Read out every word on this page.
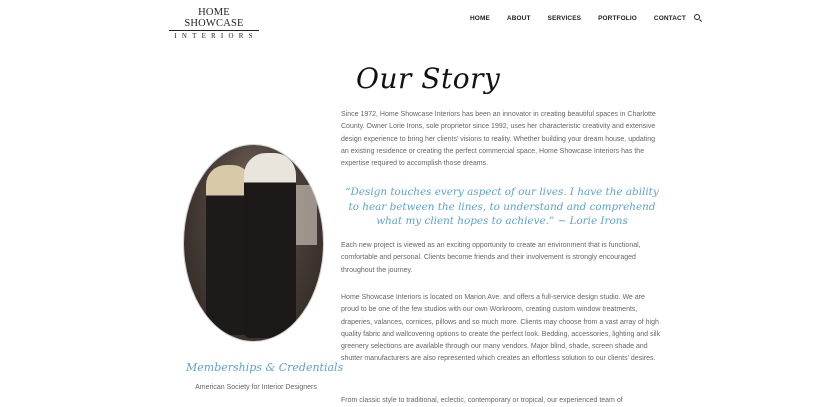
HOME SHOWCASE
INTERIORS
HOME	ABOUT	SERVICES	PORTFOLIO	CONTACT
Our Story
Memberships & Credentials
American Society for Interior Designers

Since 1972, Home Showcase Interiors has been an innovator in creating beautiful spaces in Charlotte County. Owner Lorie Irons, sole proprietor since 1992, uses her characteristic creativity and extensive design experience to bring her clients' visions to reality. Whether building your dream house, updating an existing residence or creating the perfect commercial space, Home Showcase Interiors has the expertise required to accomplish those dreams.

“Design touches every aspect of our lives. I have the ability to hear between the lines, to understand and comprehend what my client hopes to achieve.” ~ Lorie Irons

Each new project is viewed as an exciting opportunity to create an environment that is functional, comfortable and personal. Clients become friends and their involvement is strongly encouraged throughout the journey.

Home Showcase Interiors is located on Marion Ave. and offers a full-service design studio. We are proud to be one of the few studios with our own Workroom, creating custom window treatments, draperies, valances, cornices, pillows and so much more. Clients may choose from a vast array of high quality fabric and wallcovering options to create the perfect look. Bedding, accessories, lighting and silk greenery selections are available through our many vendors. Major blind, shade, screen shade and shutter manufacturers are also represented which creates an effortless solution to our clients' desires.

From classic style to traditional, eclectic, contemporary or tropical, our experienced team of
